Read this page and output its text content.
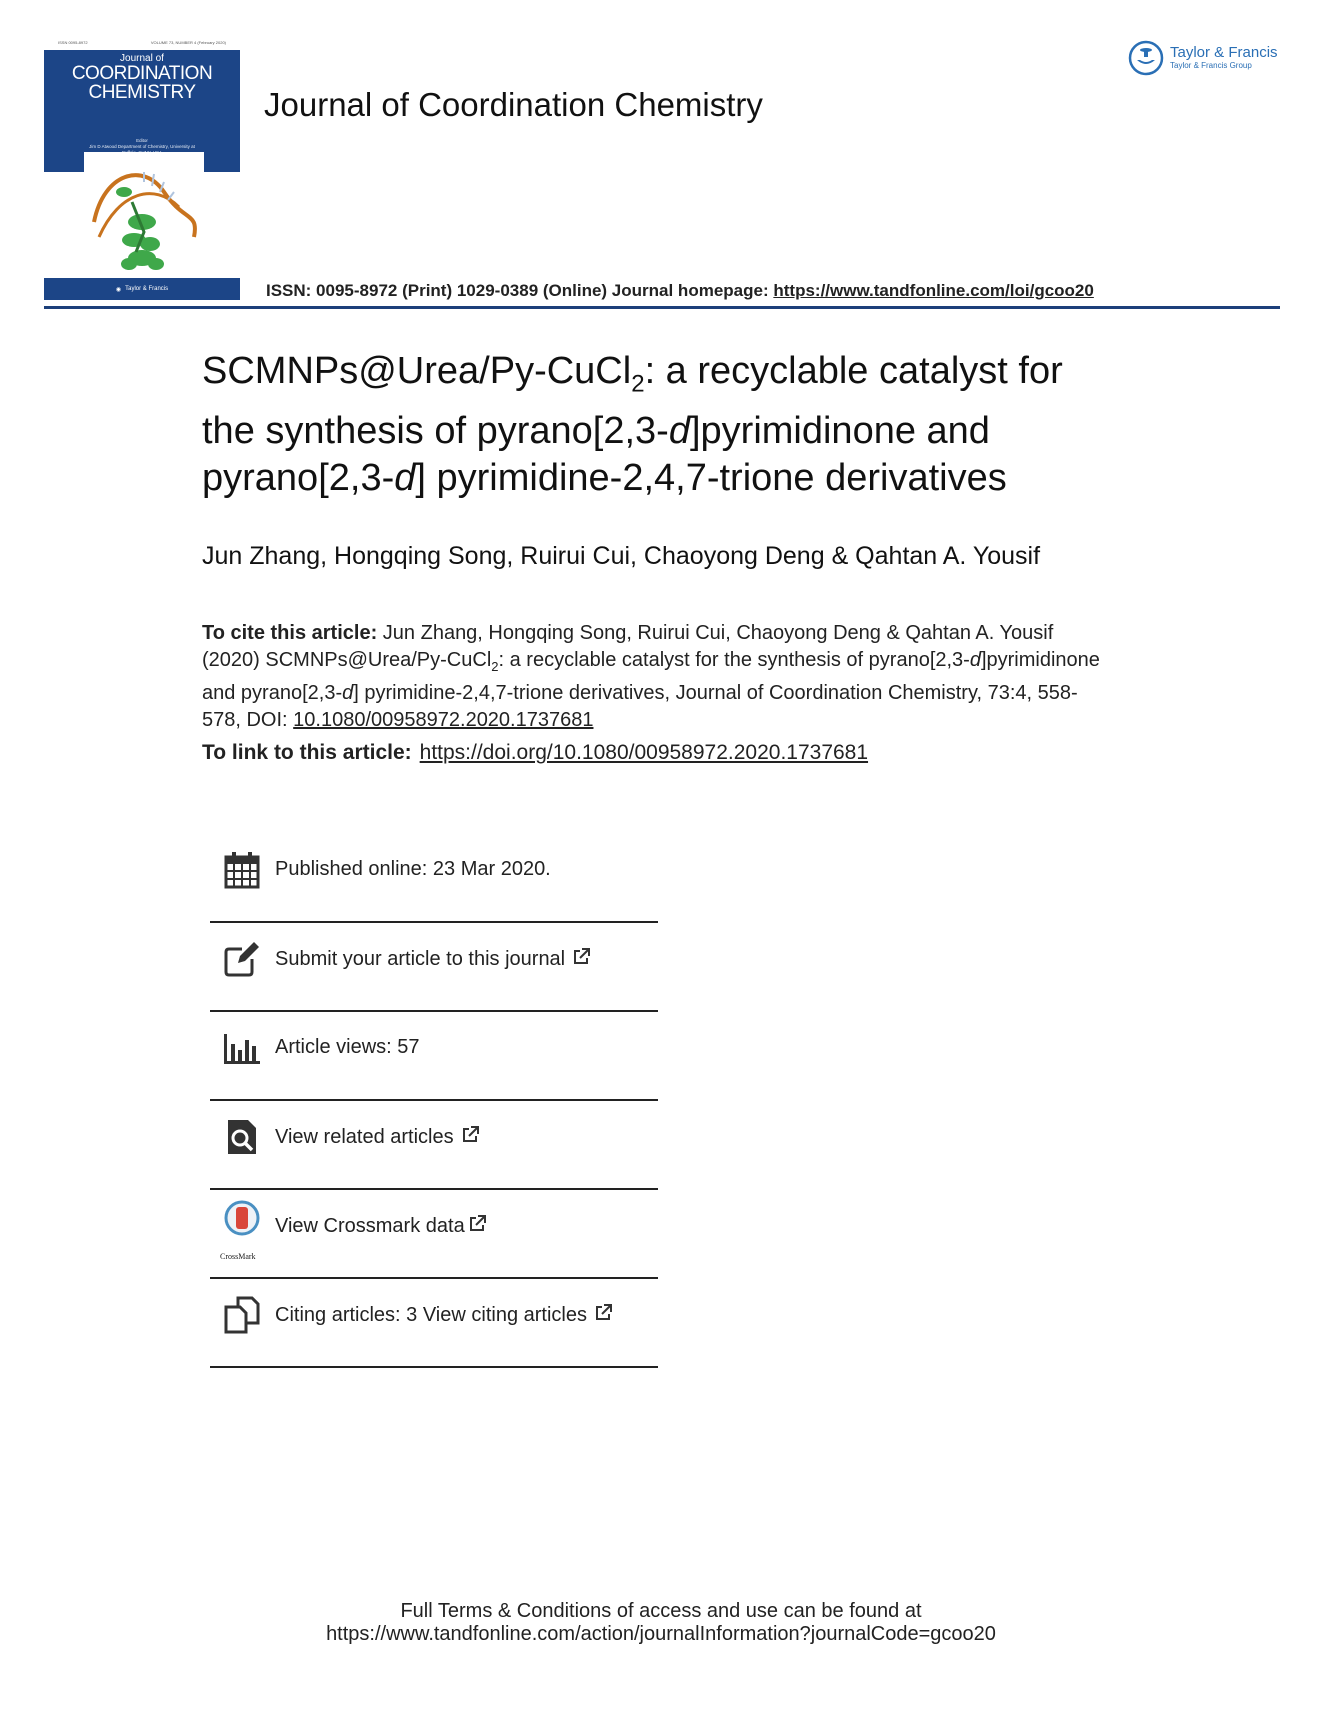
ISSN 0095-8972	VOLUME 73, NUMBER 4 (February 2020)
Journal of
COORDINATION
CHEMISTRY
Editor
Jim D Atwood Department of Chemistry, University at
◉ Taylor & Francis
Journal of Coordination Chemistry
Taylor & Francis
Taylor & Francis Group
ISSN: 0095-8972 (Print) 1029-0389 (Online) Journal homepage: https://www.tandfonline.com/loi/gcoo20
SCMNPs@Urea/Py-CuCl$_2$: a recyclable catalyst for
the synthesis of pyrano[2,3-d]pyrimidinone and
pyrano[2,3-d] pyrimidine-2,4,7-trione derivatives
Jun Zhang, Hongqing Song, Ruirui Cui, Chaoyong Deng & Qahtan A. Yousif
To cite this article: Jun Zhang, Hongqing Song, Ruirui Cui, Chaoyong Deng & Qahtan A. Yousif (2020) SCMNPs@Urea/Py-CuCl$_2$: a recyclable catalyst for the synthesis of pyrano[2,3-d]pyrimidinone and pyrano[2,3-d] pyrimidine-2,4,7-trione derivatives, Journal of Coordination Chemistry, 73:4, 558-578, DOI: 10.1080/00958972.2020.1737681
To link to this article: https://doi.org/10.1080/00958972.2020.1737681
Published online: 23 Mar 2020.
Submit your article to this journal
Article views: 57
View related articles
CrossMark
View Crossmark data
Citing articles: 3 View citing articles
Full Terms & Conditions of access and use can be found at
https://www.tandfonline.com/action/journalInformation?journalCode=gcoo20
